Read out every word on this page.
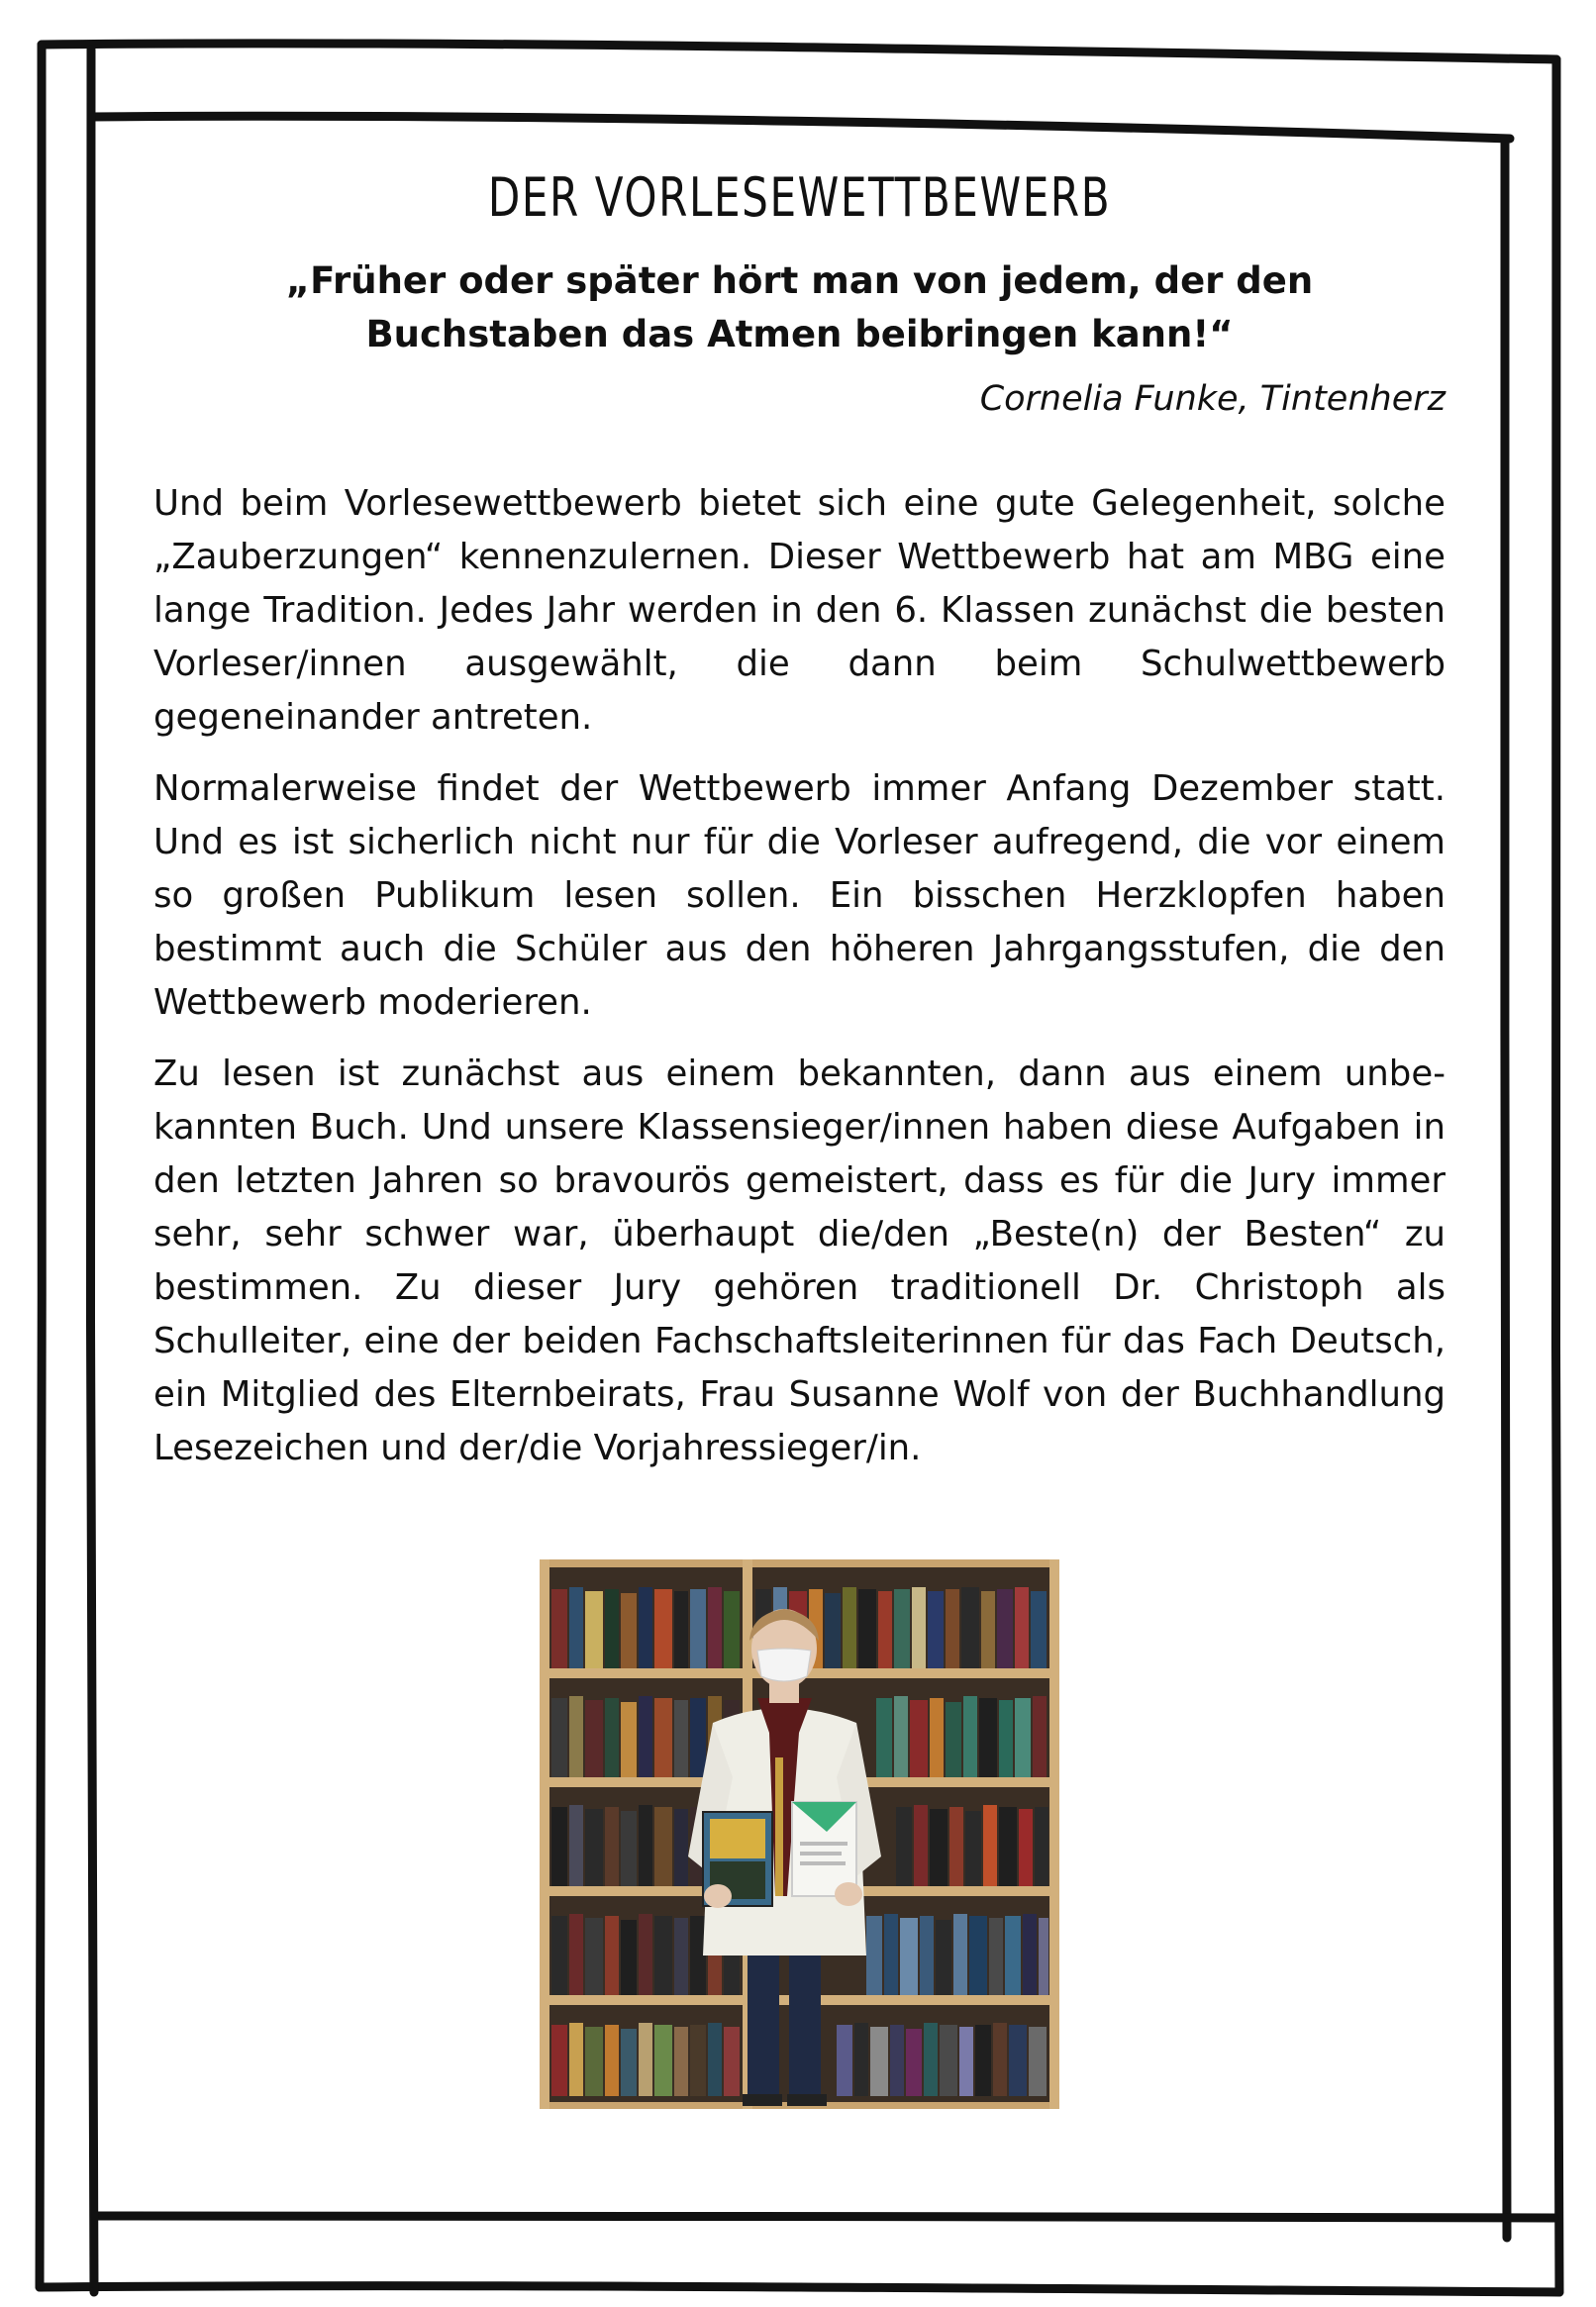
DER VORLESEWETTBEWERB
„Früher oder später hört man von jedem, der den Buchstaben das Atmen beibringen kann!“
Cornelia Funke, Tintenherz

Und beim Vorlesewettbewerb bietet sich eine gute Gelegenheit, solche „Zauberzungen“ kennenzulernen. Dieser Wettbewerb hat am MBG eine lange Tradition. Jedes Jahr werden in den 6. Klassen zunächst die besten Vorleser/innen ausgewählt, die dann beim Schulwettbewerb gegeneinander antreten.

Normalerweise findet der Wettbewerb immer Anfang Dezember statt. Und es ist sicherlich nicht nur für die Vorleser aufregend, die vor einem so großen Publikum lesen sollen. Ein bisschen Herzklopfen haben bestimmt auch die Schüler aus den höheren Jahrgangsstufen, die den Wettbewerb moderieren.

Zu lesen ist zunächst aus einem bekannten, dann aus einem unbekannten Buch. Und unsere Klassensieger/innen haben diese Aufgaben in den letzten Jahren so bravourös gemeistert, dass es für die Jury immer sehr, sehr schwer war, überhaupt die/den „Beste(n) der Besten“ zu bestimmen. Zu dieser Jury gehören traditionell Dr. Christoph als Schulleiter, eine der beiden Fachschaftsleiterinnen für das Fach Deutsch, ein Mitglied des Elternbeirats, Frau Susanne Wolf von der Buchhandlung Lesezeichen und der/die Vorjahressieger/in.
